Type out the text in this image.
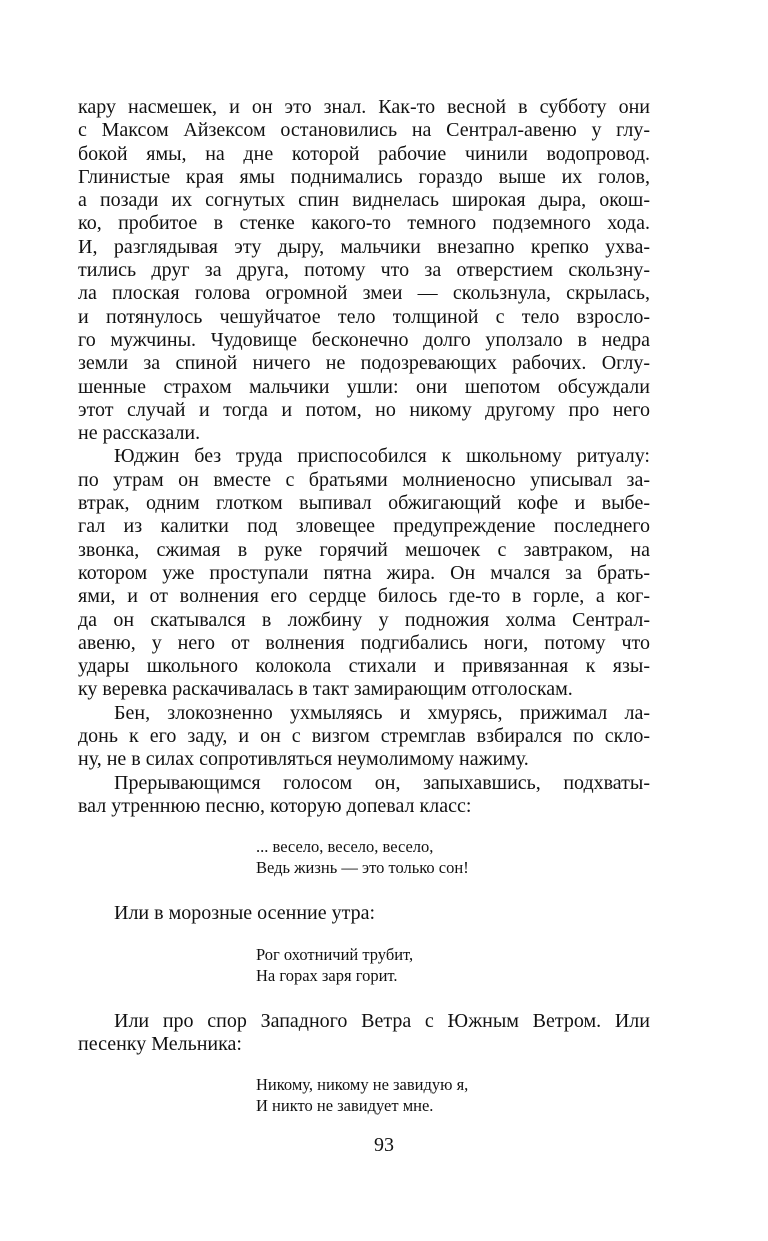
кару насмешек, и он это знал. Как-то весной в субботу они
с Максом Айзексом остановились на Сентрал-авеню у глу-
бокой ямы, на дне которой рабочие чинили водопровод.
Глинистые края ямы поднимались гораздо выше их голов,
а позади их согнутых спин виднелась широкая дыра, окош-
ко, пробитое в стенке какого-то темного подземного хода.
И, разглядывая эту дыру, мальчики внезапно крепко ухва-
тились друг за друга, потому что за отверстием скользну-
ла плоская голова огромной змеи — скользнула, скрылась,
и потянулось чешуйчатое тело толщиной с тело взросло-
го мужчины. Чудовище бесконечно долго уползало в недра
земли за спиной ничего не подозревающих рабочих. Оглу-
шенные страхом мальчики ушли: они шепотом обсуждали
этот случай и тогда и потом, но никому другому про него
не рассказали.
Юджин без труда приспособился к школьному ритуалу:
по утрам он вместе с братьями молниеносно уписывал за-
втрак, одним глотком выпивал обжигающий кофе и выбе-
гал из калитки под зловещее предупреждение последнего
звонка, сжимая в руке горячий мешочек с завтраком, на
котором уже проступали пятна жира. Он мчался за брать-
ями, и от волнения его сердце билось где-то в горле, а ког-
да он скатывался в ложбину у подножия холма Сентрал-
авеню, у него от волнения подгибались ноги, потому что
удары школьного колокола стихали и привязанная к язы-
ку веревка раскачивалась в такт замирающим отголоскам.
Бен, злокозненно ухмыляясь и хмурясь, прижимал ла-
донь к его заду, и он с визгом стремглав взбирался по скло-
ну, не в силах сопротивляться неумолимому нажиму.
Прерывающимся голосом он, запыхавшись, подхваты-
вал утреннюю песню, которую допевал класс:
... весело, весело, весело,
Ведь жизнь — это только сон!
Или в морозные осенние утра:
Рог охотничий трубит,
На горах заря горит.
Или про спор Западного Ветра с Южным Ветром. Или
песенку Мельника:
Никому, никому не завидую я,
И никто не завидует мне.
93
